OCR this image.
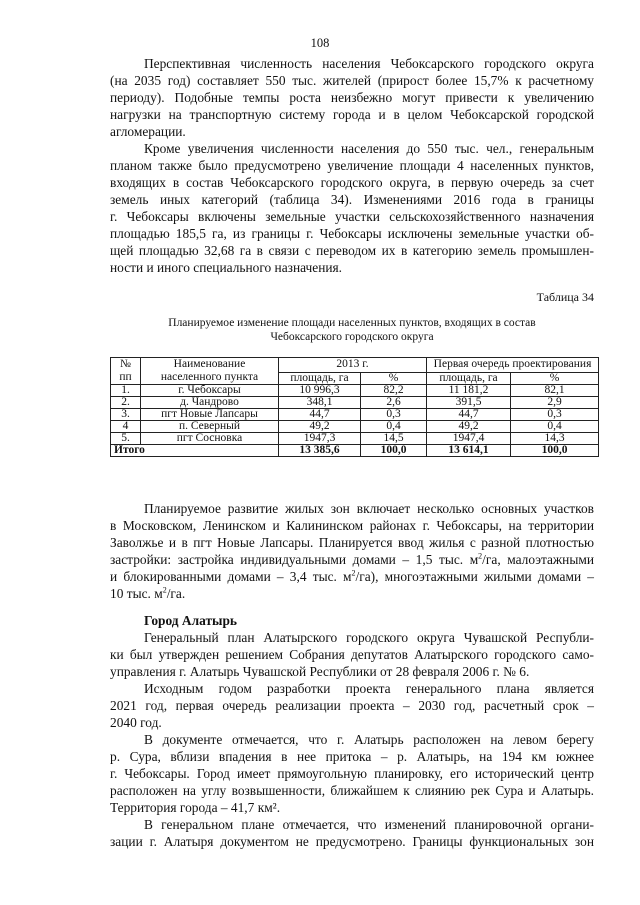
108
Перспективная численность населения Чебоксарского городского округа
(на 2035 год) составляет 550 тыс. жителей (прирост более 15,7% к расчетному
периоду). Подобные темпы роста неизбежно могут привести к увеличению
нагрузки на транспортную систему города и в целом Чебоксарской городской
агломерации.
Кроме увеличения численности населения до 550 тыс. чел., генеральным
планом также было предусмотрено увеличение площади 4 населенных пунктов,
входящих в состав Чебоксарского городского округа, в первую очередь за счет
земель иных категорий (таблица 34). Изменениями 2016 года в границы
г. Чебоксары включены земельные участки сельскохозяйственного назначения
площадью 185,5 га, из границы г. Чебоксары исключены земельные участки об-
щей площадью 32,68 га в связи с переводом их в категорию земель промышлен-
ности и иного специального назначения.
Таблица 34
Планируемое изменение площади населенных пунктов, входящих в состав
Чебоксарского городского округа
№ пп	Наименование населенного пункта	2013 г.		Первая очередь проектирования	
		площадь, га	%	площадь, га	%
1.	г. Чебоксары	10 996,3	82,2	11 181,2	82,1
2.	д. Чандрово	348,1	2,6	391,5	2,9
3.	пгт Новые Лапсары	44,7	0,3	44,7	0,3
4	п. Северный	49,2	0,4	49,2	0,4
5.	пгт Сосновка	1947,3	14,5	1947,4	14,3
Итого		13 385,6	100,0	13 614,1	100,0
Планируемое развитие жилых зон включает несколько основных участков
в Московском, Ленинском и Калининском районах г. Чебоксары, на территории
Заволжье и в пгт Новые Лапсары. Планируется ввод жилья с разной плотностью
застройки: застройка индивидуальными домами – 1,5 тыс. $м^2/га$, малоэтажными
и блокированными домами – 3,4 тыс. $м^2/га$), многоэтажными жилыми домами –
10 тыс. $м^2/га$.
Город Алатырь
Генеральный план Алатырского городского округа Чувашской Республи-
ки был утвержден решением Собрания депутатов Алатырского городского само-
управления г. Алатырь Чувашской Республики от 28 февраля 2006 г. № 6.
Исходным годом разработки проекта генерального плана является
2021 год, первая очередь реализации проекта – 2030 год, расчетный срок –
2040 год.
В документе отмечается, что г. Алатырь расположен на левом берегу
р. Сура, вблизи впадения в нее притока – р. Алатырь, на 194 км южнее
г. Чебоксары. Город имеет прямоугольную планировку, его исторический центр
расположен на углу возвышенности, ближайшем к слиянию рек Сура и Алатырь.
Территория города – 41,7 км².
В генеральном плане отмечается, что изменений планировочной органи-
зации г. Алатыря документом не предусмотрено. Границы функциональных зон
